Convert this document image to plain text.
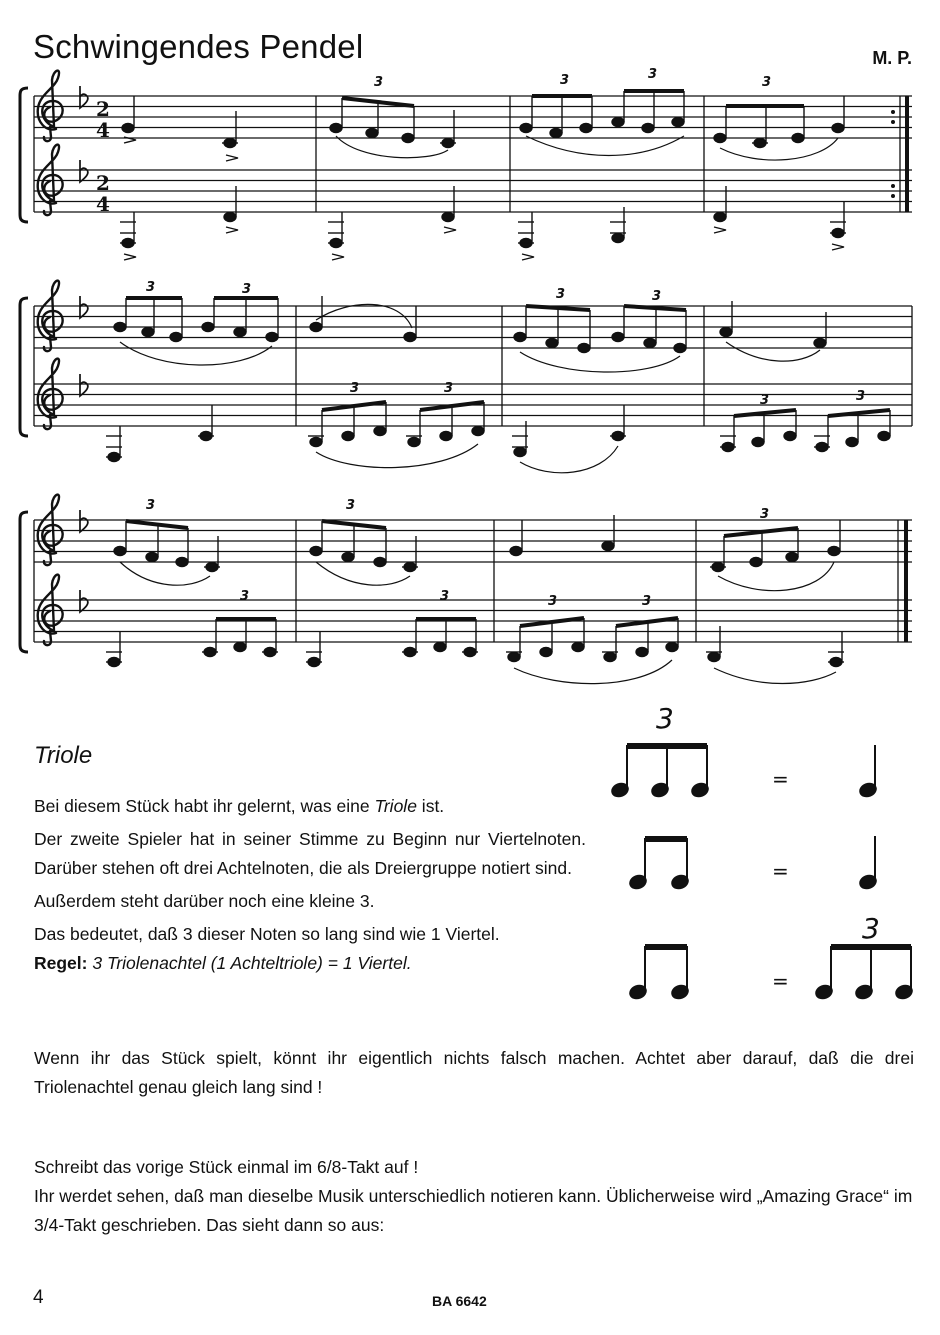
Schwingendes Pendel	M. P.
2
4
2
4
3	3	3
3
3	3	3	3
3	3
3	3
3	3
3
3	3	3	3
Triole
Bei diesem Stück habt ihr gelernt, was eine Triole ist.
Der zweite Spieler hat in seiner Stimme zu Beginn nur Viertelnoten. Darüber stehen oft drei Achtelnoten, die als Dreiergruppe notiert sind.
Außerdem steht darüber noch eine kleine 3.
Das bedeutet, daß 3 dieser Noten so lang sind wie 1 Viertel.
Regel: 3 Triolenachtel (1 Achteltriole) = 1 Viertel.
3
=
=
=
3
Wenn ihr das Stück spielt, könnt ihr eigentlich nichts falsch machen. Achtet aber darauf, daß die drei Triolenachtel genau gleich lang sind !
Schreibt das vorige Stück einmal im 6/8-Takt auf !
Ihr werdet sehen, daß man dieselbe Musik unterschiedlich notieren kann. Üblicherweise wird „Amazing Grace“ im 3/4-Takt geschrieben. Das sieht dann so aus:
4	BA 6642
